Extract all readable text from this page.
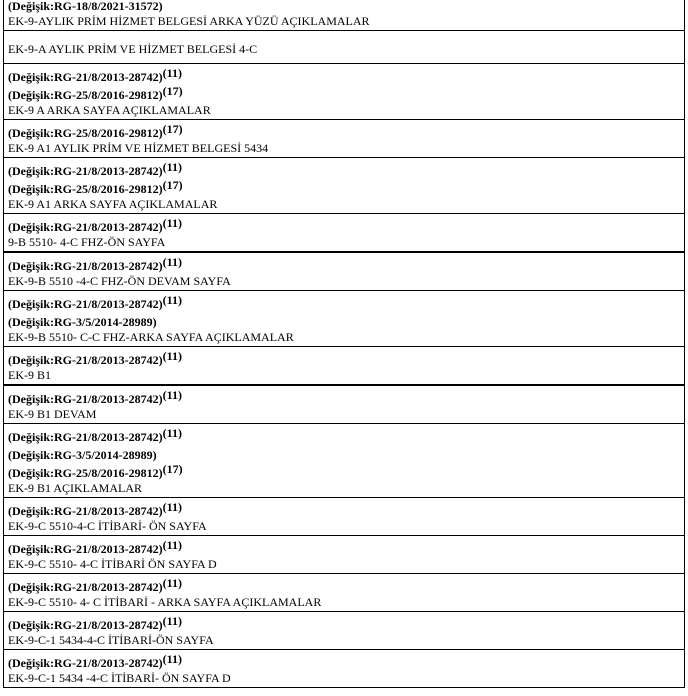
(Değişik:RG-18/8/2021-31572)
EK-9-AYLIK PRİM HİZMET BELGESİ ARKA YÜZÜ AÇIKLAMALAR

EK-9-A AYLIK PRİM VE HİZMET BELGESİ 4-C

(Değişik:RG-21/8/2013-28742)$^{(11)}$
(Değişik:RG-25/8/2016-29812)$^{(17)}$
EK-9 A ARKA SAYFA AÇIKLAMALAR

(Değişik:RG-25/8/2016-29812)$^{(17)}$
EK-9 A1 AYLIK PRİM VE HİZMET BELGESİ 5434

(Değişik:RG-21/8/2013-28742)$^{(11)}$
(Değişik:RG-25/8/2016-29812)$^{(17)}$
EK-9 A1 ARKA SAYFA AÇIKLAMALAR

(Değişik:RG-21/8/2013-28742)$^{(11)}$
9-B 5510- 4-C FHZ-ÖN SAYFA

(Değişik:RG-21/8/2013-28742)$^{(11)}$
EK-9-B 5510 -4-C FHZ-ÖN DEVAM SAYFA

(Değişik:RG-21/8/2013-28742)$^{(11)}$
(Değişik:RG-3/5/2014-28989)
EK-9-B 5510- C-C FHZ-ARKA SAYFA AÇIKLAMALAR

(Değişik:RG-21/8/2013-28742)$^{(11)}$
EK-9 B1

(Değişik:RG-21/8/2013-28742)$^{(11)}$
EK-9 B1 DEVAM

(Değişik:RG-21/8/2013-28742)$^{(11)}$
(Değişik:RG-3/5/2014-28989)
(Değişik:RG-25/8/2016-29812)$^{(17)}$
EK-9 B1 AÇIKLAMALAR

(Değişik:RG-21/8/2013-28742)$^{(11)}$
EK-9-C 5510-4-C İTİBARİ- ÖN SAYFA

(Değişik:RG-21/8/2013-28742)$^{(11)}$
EK-9-C 5510- 4-C İTİBARİ ÖN SAYFA D

(Değişik:RG-21/8/2013-28742)$^{(11)}$
EK-9-C 5510- 4- C İTİBARİ - ARKA SAYFA AÇIKLAMALAR

(Değişik:RG-21/8/2013-28742)$^{(11)}$
EK-9-C-1 5434-4-C İTİBARİ-ÖN SAYFA

(Değişik:RG-21/8/2013-28742)$^{(11)}$
EK-9-C-1 5434 -4-C İTİBARİ- ÖN SAYFA D
